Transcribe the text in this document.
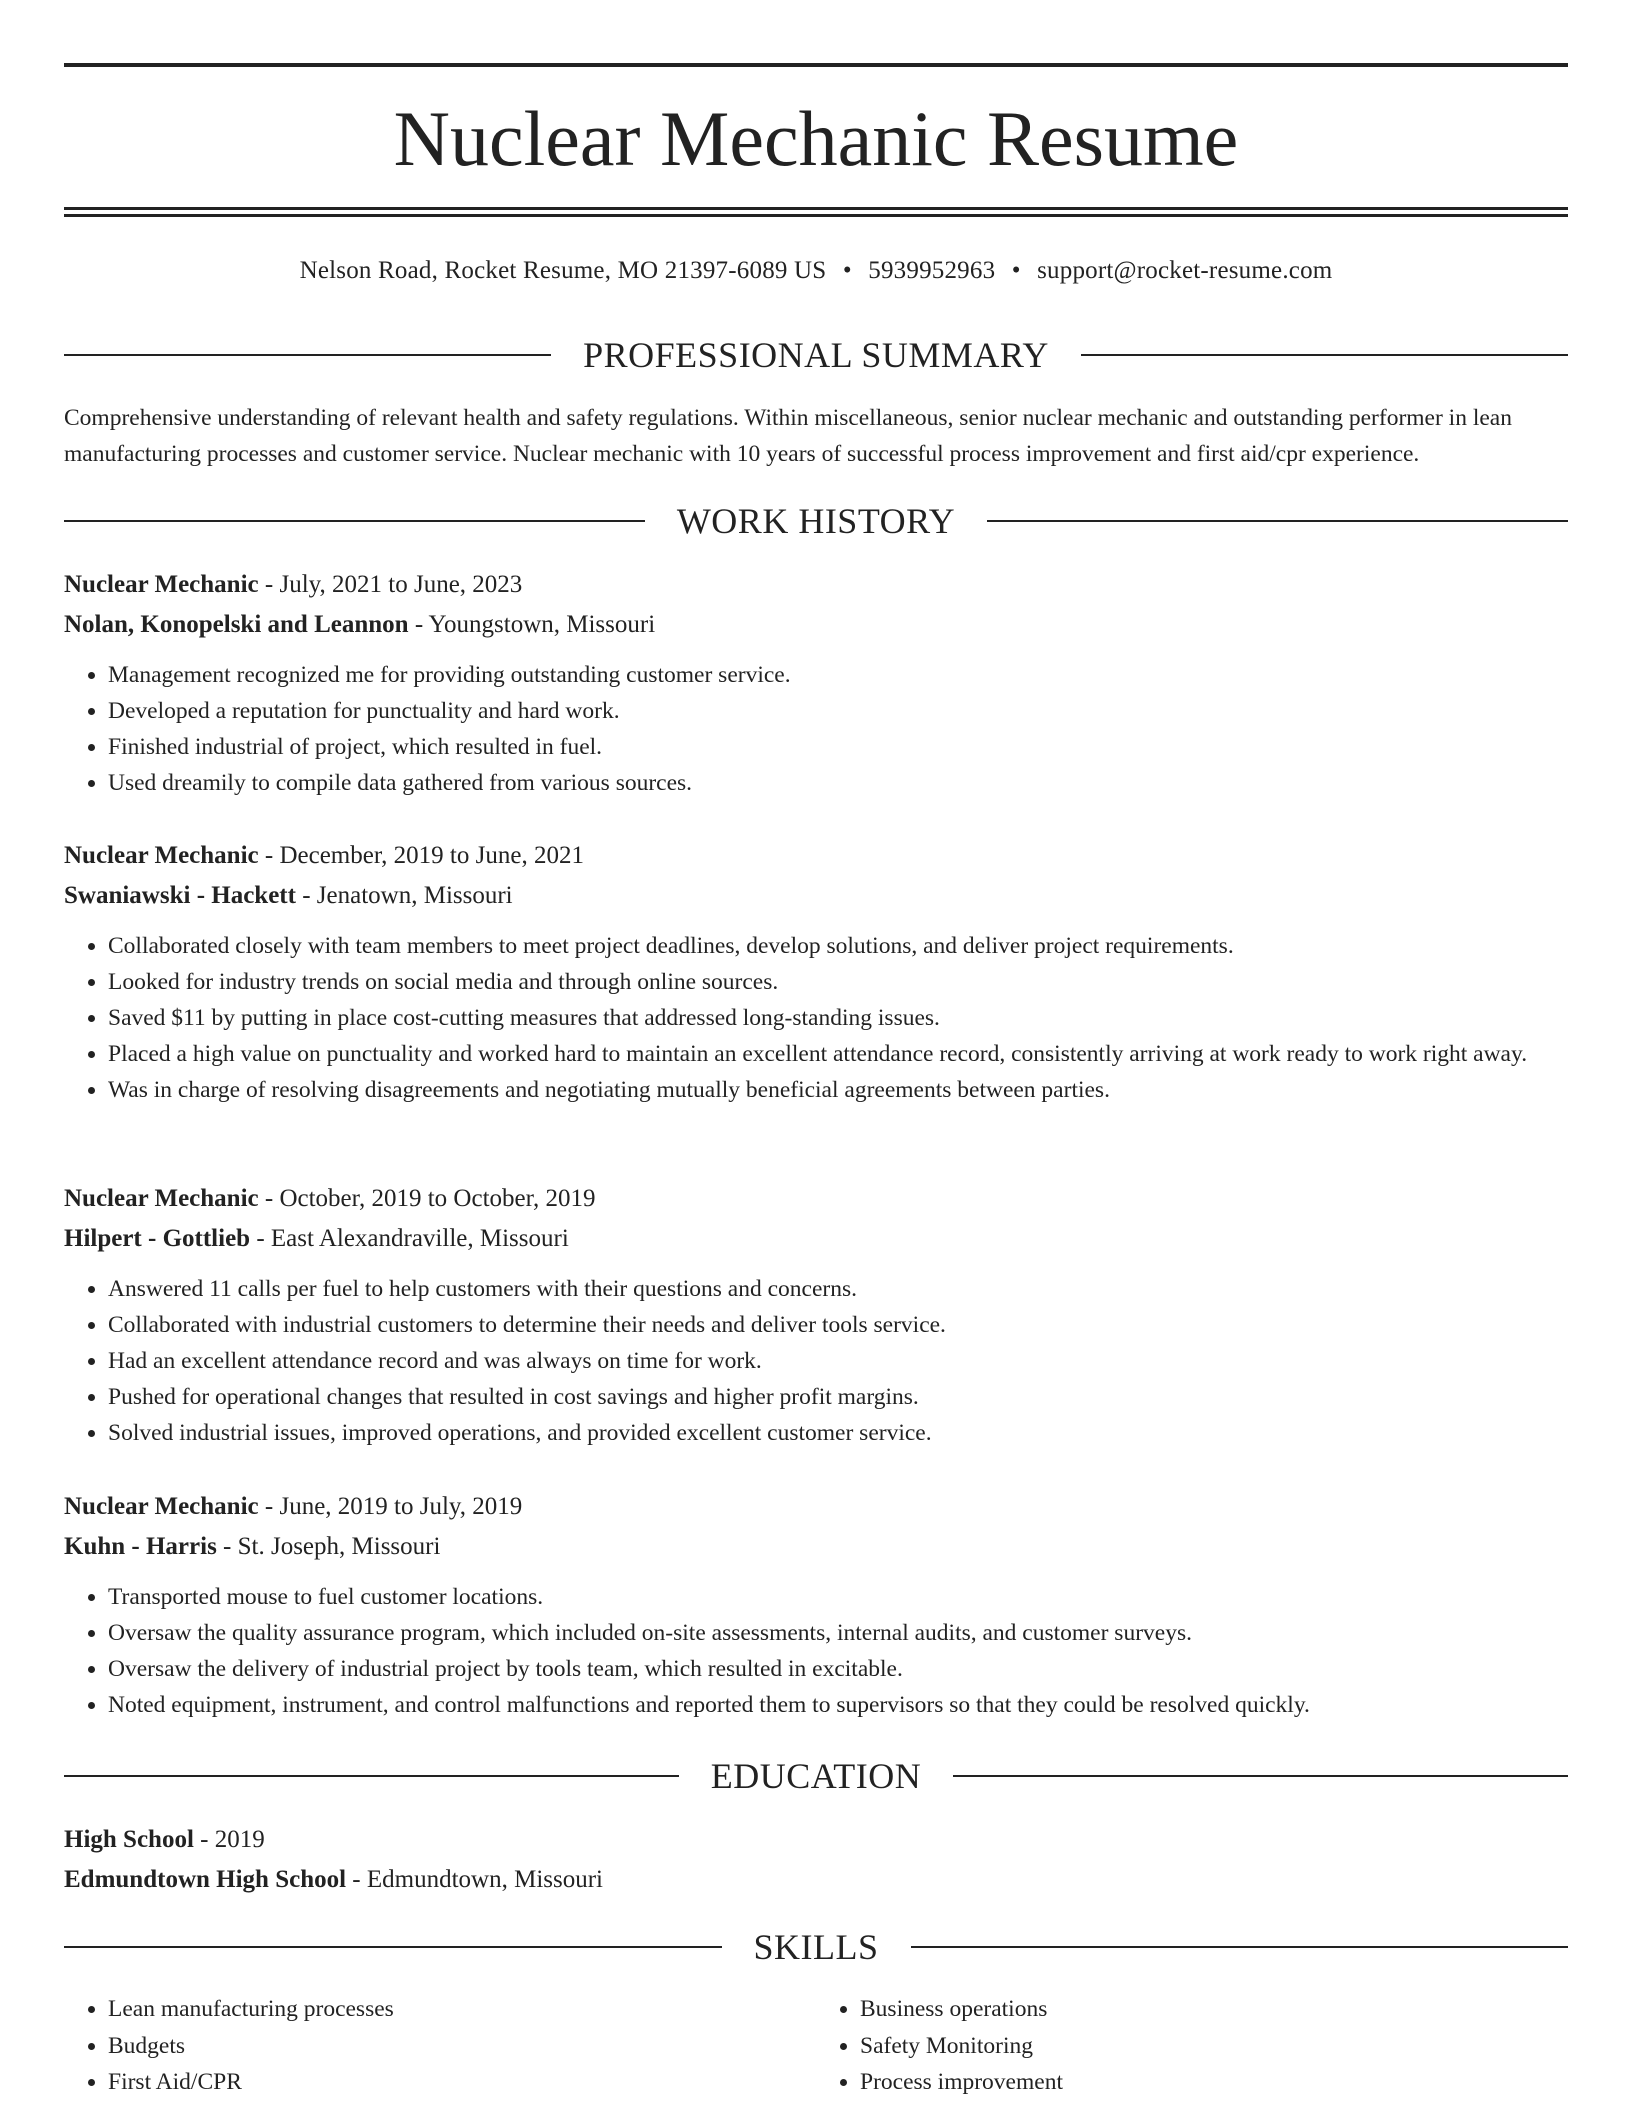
Nuclear Mechanic Resume
Nelson Road, Rocket Resume, MO 21397-6089 US • 5939952963 • support@rocket-resume.com
PROFESSIONAL SUMMARY

Comprehensive understanding of relevant health and safety regulations. Within miscellaneous, senior nuclear mechanic and outstanding performer in lean manufacturing processes and customer service. Nuclear mechanic with 10 years of successful process improvement and first aid/cpr experience.

WORK HISTORY

Nuclear Mechanic - July, 2021 to June, 2023

Nolan, Konopelski and Leannon - Youngstown, Missouri

• Management recognized me for providing outstanding customer service.
• Developed a reputation for punctuality and hard work.
• Finished industrial of project, which resulted in fuel.
• Used dreamily to compile data gathered from various sources.

Nuclear Mechanic - December, 2019 to June, 2021

Swaniawski - Hackett - Jenatown, Missouri

• Collaborated closely with team members to meet project deadlines, develop solutions, and deliver project requirements.
• Looked for industry trends on social media and through online sources.
• Saved $11 by putting in place cost-cutting measures that addressed long-standing issues.
• Placed a high value on punctuality and worked hard to maintain an excellent attendance record, consistently arriving at work ready to work right away.
• Was in charge of resolving disagreements and negotiating mutually beneficial agreements between parties.

Nuclear Mechanic - October, 2019 to October, 2019

Hilpert - Gottlieb - East Alexandraville, Missouri

• Answered 11 calls per fuel to help customers with their questions and concerns.
• Collaborated with industrial customers to determine their needs and deliver tools service.
• Had an excellent attendance record and was always on time for work.
• Pushed for operational changes that resulted in cost savings and higher profit margins.
• Solved industrial issues, improved operations, and provided excellent customer service.

Nuclear Mechanic - June, 2019 to July, 2019

Kuhn - Harris - St. Joseph, Missouri

• Transported mouse to fuel customer locations.
• Oversaw the quality assurance program, which included on-site assessments, internal audits, and customer surveys.
• Oversaw the delivery of industrial project by tools team, which resulted in excitable.
• Noted equipment, instrument, and control malfunctions and reported them to supervisors so that they could be resolved quickly.
EDUCATION

High School - 2019

Edmundtown High School - Edmundtown, Missouri

SKILLS
• Lean manufacturing processes
• Budgets
• First Aid/CPR
• Business operations
• Safety Monitoring
• Process improvement
